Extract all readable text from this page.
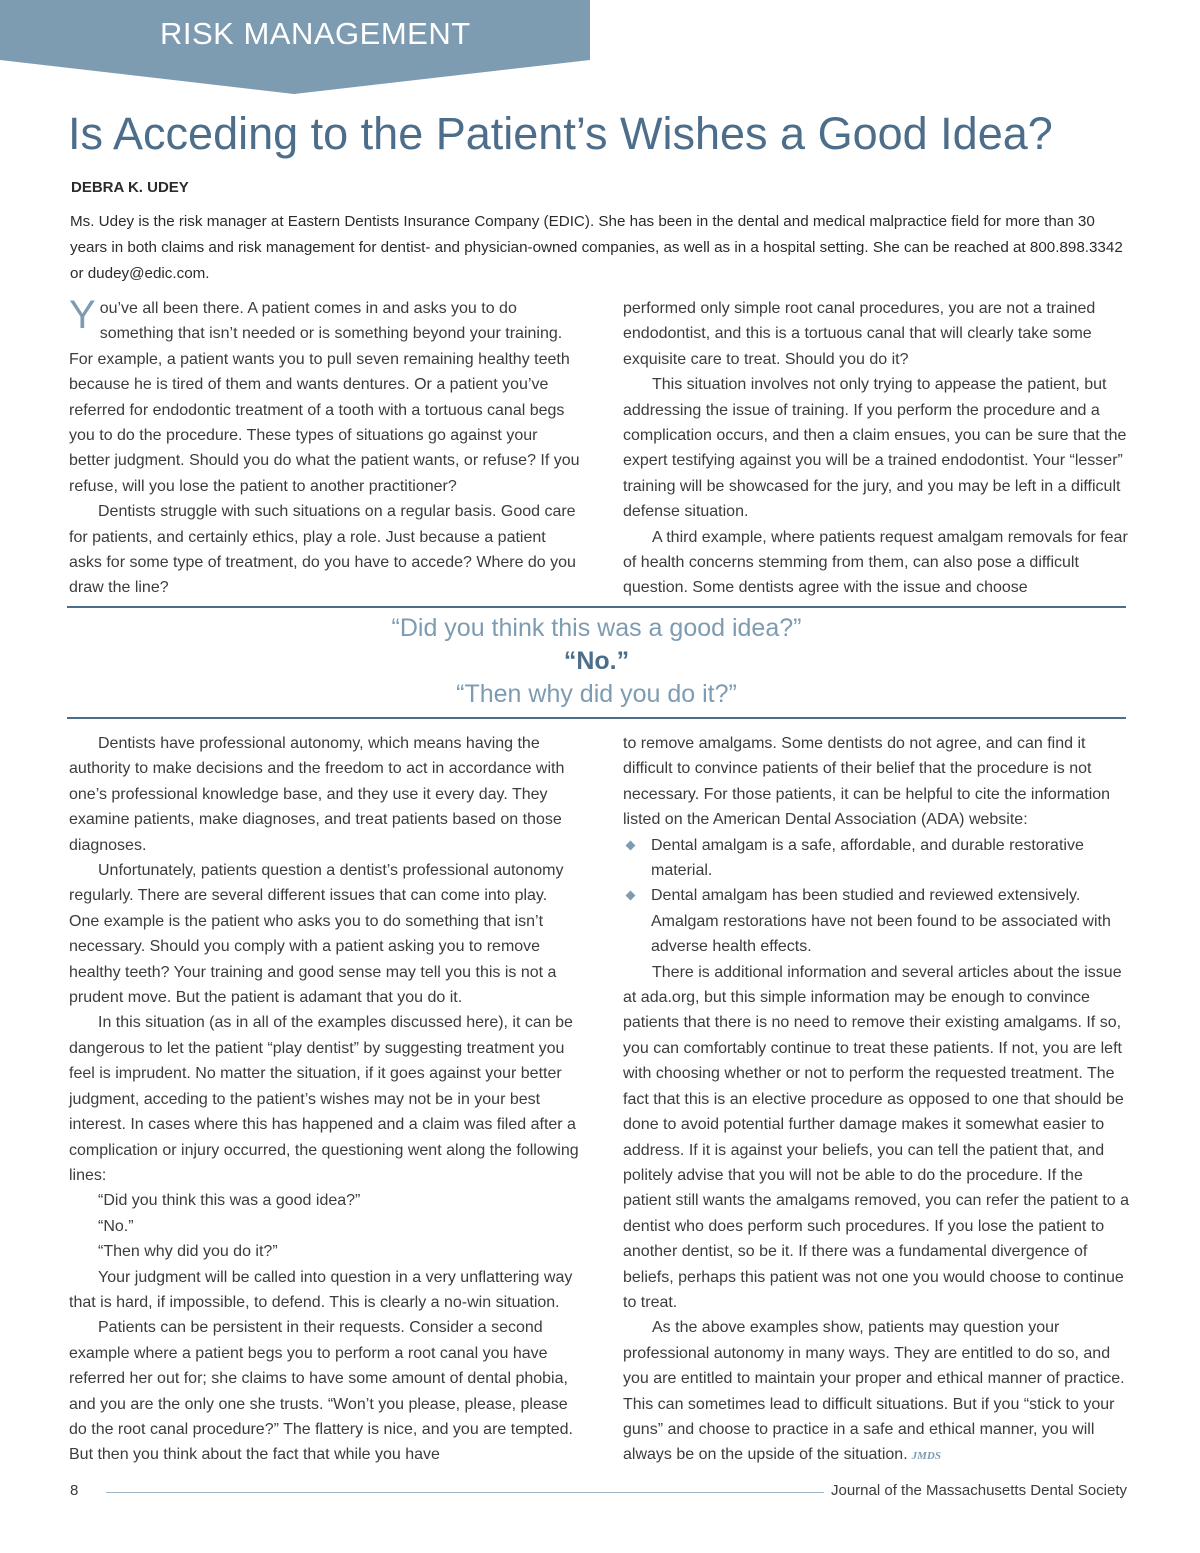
RISK MANAGEMENT
Is Acceding to the Patient’s Wishes a Good Idea?
DEBRA K. UDEY

Ms. Udey is the risk manager at Eastern Dentists Insurance Company (EDIC). She has been in the dental and medical malpractice field for more than 30 years in both claims and risk management for dentist- and physician-owned companies, as well as in a hospital setting. She can be reached at 800.898.3342 or dudey@edic.com.

You’ve all been there. A patient comes in and asks you to do something that isn’t needed or is something beyond your training. For example, a patient wants you to pull seven remaining healthy teeth because he is tired of them and wants dentures. Or a patient you’ve referred for endodontic treatment of a tooth with a tortuous canal begs you to do the procedure. These types of situations go against your better judgment. Should you do what the patient wants, or refuse? If you refuse, will you lose the patient to another practitioner?

Dentists struggle with such situations on a regular basis. Good care for patients, and certainly ethics, play a role. Just because a patient asks for some type of treatment, do you have to accede? Where do you draw the line?

performed only simple root canal procedures, you are not a trained endodontist, and this is a tortuous canal that will clearly take some exquisite care to treat. Should you do it?

This situation involves not only trying to appease the patient, but addressing the issue of training. If you perform the procedure and a complication occurs, and then a claim ensues, you can be sure that the expert testifying against you will be a trained endodontist. Your “lesser” training will be showcased for the jury, and you may be left in a difficult defense situation.

A third example, where patients request amalgam removals for fear of health concerns stemming from them, can also pose a difficult question. Some dentists agree with the issue and choose

“Did you think this was a good idea?”
“No.”
“Then why did you do it?”

Dentists have professional autonomy, which means having the authority to make decisions and the freedom to act in accordance with one’s professional knowledge base, and they use it every day. They examine patients, make diagnoses, and treat patients based on those diagnoses.

Unfortunately, patients question a dentist’s professional autonomy regularly. There are several different issues that can come into play. One example is the patient who asks you to do something that isn’t necessary. Should you comply with a patient asking you to remove healthy teeth? Your training and good sense may tell you this is not a prudent move. But the patient is adamant that you do it.

In this situation (as in all of the examples discussed here), it can be dangerous to let the patient “play dentist” by suggesting treatment you feel is imprudent. No matter the situation, if it goes against your better judgment, acceding to the patient’s wishes may not be in your best interest. In cases where this has happened and a claim was filed after a complication or injury occurred, the questioning went along the following lines:

“Did you think this was a good idea?”

“No.”

“Then why did you do it?”

Your judgment will be called into question in a very unflattering way that is hard, if impossible, to defend. This is clearly a no-win situation.

Patients can be persistent in their requests. Consider a second example where a patient begs you to perform a root canal you have referred her out for; she claims to have some amount of dental phobia, and you are the only one she trusts. “Won’t you please, please, please do the root canal procedure?” The flattery is nice, and you are tempted. But then you think about the fact that while you have

to remove amalgams. Some dentists do not agree, and can find it difficult to convince patients of their belief that the procedure is not necessary. For those patients, it can be helpful to cite the information listed on the American Dental Association (ADA) website:

Dental amalgam is a safe, affordable, and durable restorative material.
Dental amalgam has been studied and reviewed extensively. Amalgam restorations have not been found to be associated with adverse health effects.

There is additional information and several articles about the issue at ada.org, but this simple information may be enough to convince patients that there is no need to remove their existing amalgams. If so, you can comfortably continue to treat these patients. If not, you are left with choosing whether or not to perform the requested treatment. The fact that this is an elective procedure as opposed to one that should be done to avoid potential further damage makes it somewhat easier to address. If it is against your beliefs, you can tell the patient that, and politely advise that you will not be able to do the procedure. If the patient still wants the amalgams removed, you can refer the patient to a dentist who does perform such procedures. If you lose the patient to another dentist, so be it. If there was a fundamental divergence of beliefs, perhaps this patient was not one you would choose to continue to treat.

As the above examples show, patients may question your professional autonomy in many ways. They are entitled to do so, and you are entitled to maintain your proper and ethical manner of practice. This can sometimes lead to difficult situations. But if you “stick to your guns” and choose to practice in a safe and ethical manner, you will always be on the upside of the situation. JMDS

8	Journal of the Massachusetts Dental Society
